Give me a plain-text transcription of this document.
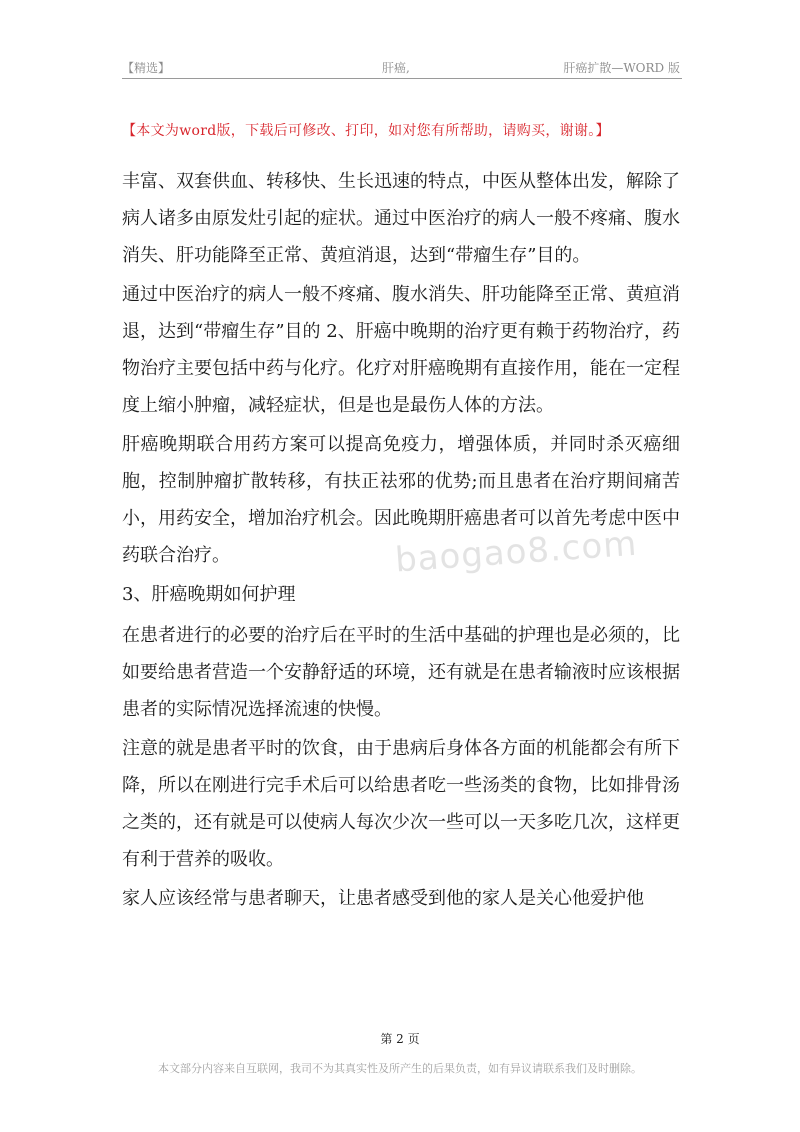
【精选】	肝癌,	肝癌扩散—WORD 版
【本文为word版，下载后可修改、打印，如对您有所帮助，请购买，谢谢。】
baogao8.com

丰富、双套供血、转移快、生长迅速的特点，中医从整体出发，解除了病人诸多由原发灶引起的症状。通过中医治疗的病人一般不疼痛、腹水消失、肝功能降至正常、黄疸消退，达到“带瘤生存”目的。

通过中医治疗的病人一般不疼痛、腹水消失、肝功能降至正常、黄疸消退，达到“带瘤生存”目的 2、肝癌中晚期的治疗更有赖于药物治疗，药物治疗主要包括中药与化疗。化疗对肝癌晚期有直接作用，能在一定程度上缩小肿瘤，减轻症状，但是也是最伤人体的方法。

肝癌晚期联合用药方案可以提高免疫力，增强体质，并同时杀灭癌细胞，控制肿瘤扩散转移，有扶正祛邪的优势;而且患者在治疗期间痛苦小，用药安全，增加治疗机会。因此晚期肝癌患者可以首先考虑中医中药联合治疗。

3、肝癌晚期如何护理

在患者进行的必要的治疗后在平时的生活中基础的护理也是必须的，比如要给患者营造一个安静舒适的环境，还有就是在患者输液时应该根据患者的实际情况选择流速的快慢。

注意的就是患者平时的饮食，由于患病后身体各方面的机能都会有所下降，所以在刚进行完手术后可以给患者吃一些汤类的食物，比如排骨汤之类的，还有就是可以使病人每次少次一些可以一天多吃几次，这样更有利于营养的吸收。

家人应该经常与患者聊天，让患者感受到他的家人是关心他爱护他

第 2 页
本文部分内容来自互联网，我司不为其真实性及所产生的后果负责，如有异议请联系我们及时删除。
